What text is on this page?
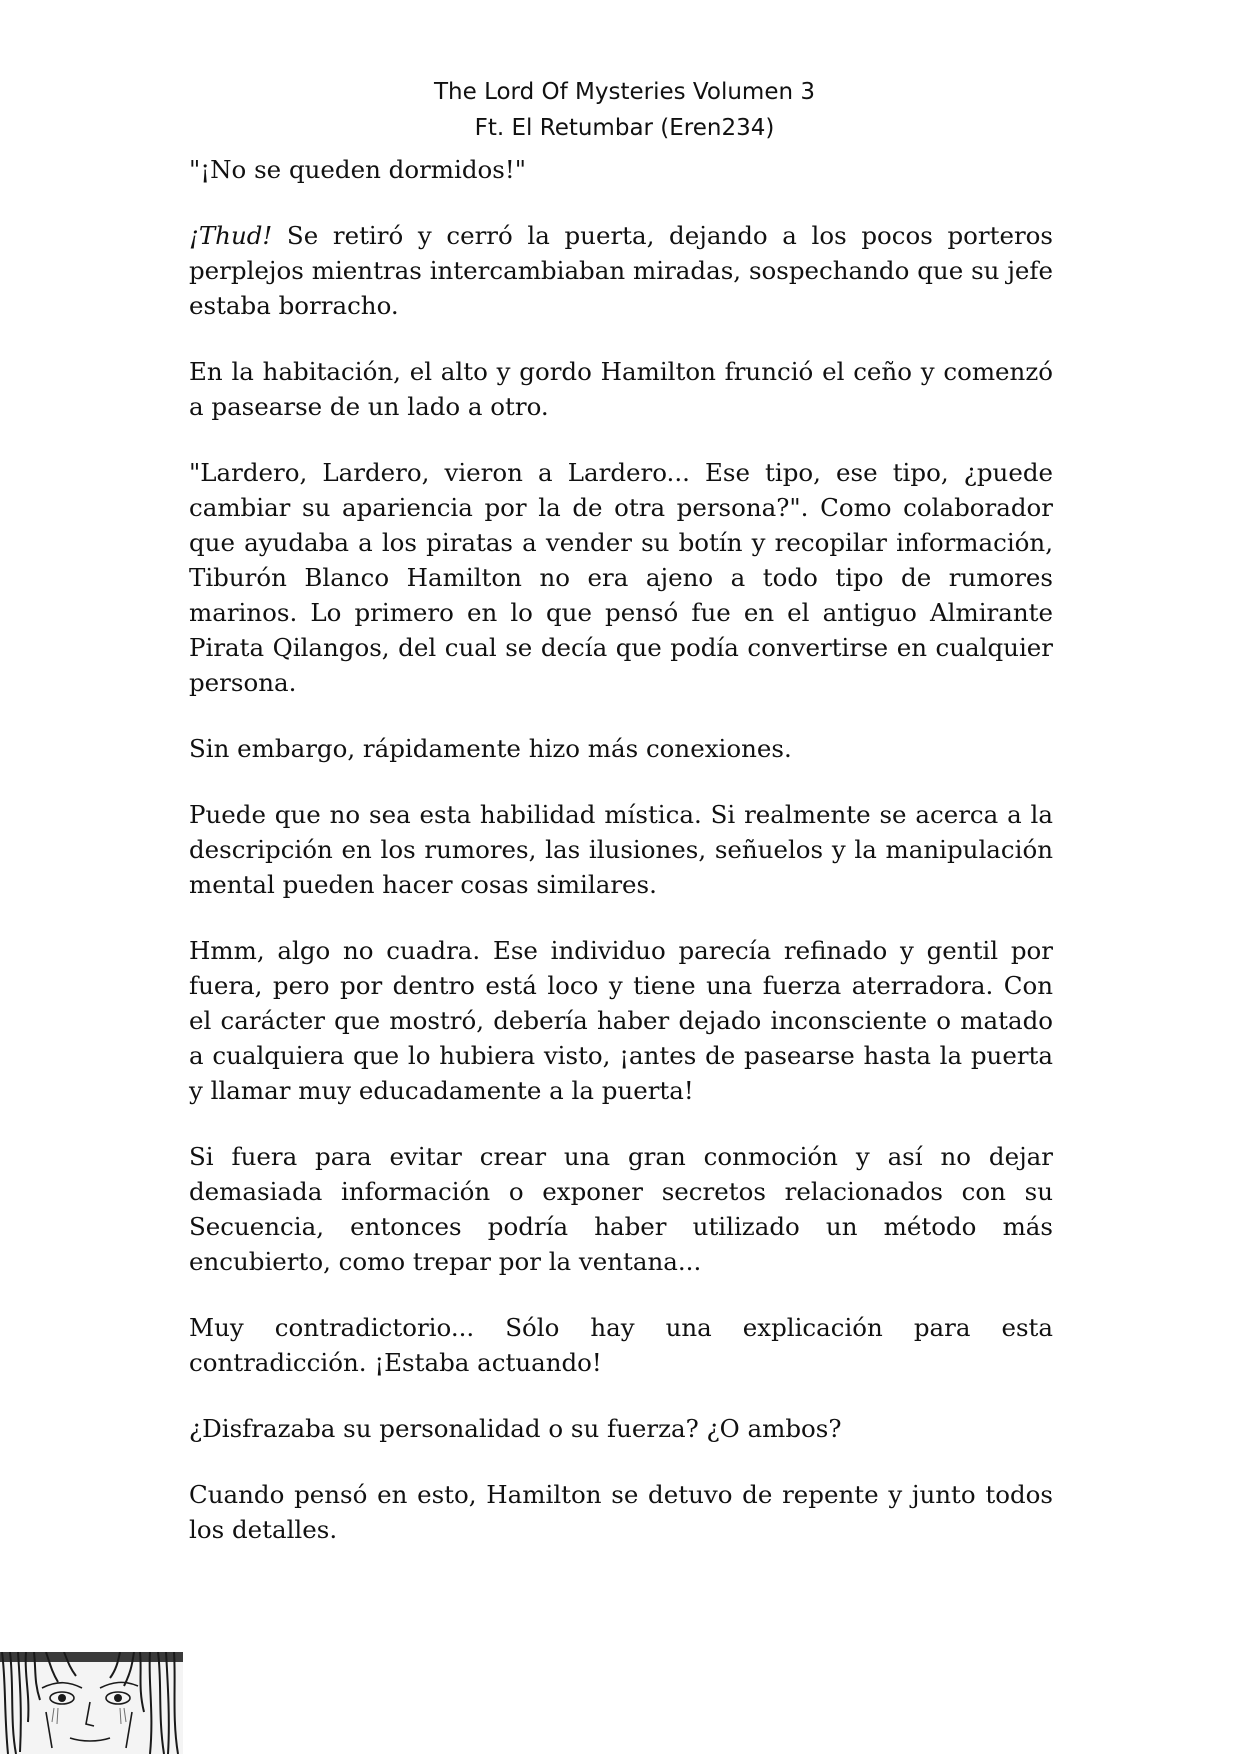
The Lord Of Mysteries Volumen 3
Ft. El Retumbar (Eren234)

"¡No se queden dormidos!"

¡Thud! Se retiró y cerró la puerta, dejando a los pocos porteros perplejos mientras intercambiaban miradas, sospechando que su jefe estaba borracho.

En la habitación, el alto y gordo Hamilton frunció el ceño y comenzó a pasearse de un lado a otro.

"Lardero, Lardero, vieron a Lardero... Ese tipo, ese tipo, ¿puede cambiar su apariencia por la de otra persona?". Como colaborador que ayudaba a los piratas a vender su botín y recopilar información, Tiburón Blanco Hamilton no era ajeno a todo tipo de rumores marinos. Lo primero en lo que pensó fue en el antiguo Almirante Pirata Qilangos, del cual se decía que podía convertirse en cualquier persona.

Sin embargo, rápidamente hizo más conexiones.

Puede que no sea esta habilidad mística. Si realmente se acerca a la descripción en los rumores, las ilusiones, señuelos y la manipulación mental pueden hacer cosas similares.

Hmm, algo no cuadra. Ese individuo parecía refinado y gentil por fuera, pero por dentro está loco y tiene una fuerza aterradora. Con el carácter que mostró, debería haber dejado inconsciente o matado a cualquiera que lo hubiera visto, ¡antes de pasearse hasta la puerta y llamar muy educadamente a la puerta!

Si fuera para evitar crear una gran conmoción y así no dejar demasiada información o exponer secretos relacionados con su Secuencia, entonces podría haber utilizado un método más encubierto, como trepar por la ventana...

Muy contradictorio... Sólo hay una explicación para esta contradicción. ¡Estaba actuando!

¿Disfrazaba su personalidad o su fuerza? ¿O ambos?

Cuando pensó en esto, Hamilton se detuvo de repente y junto todos los detalles.
